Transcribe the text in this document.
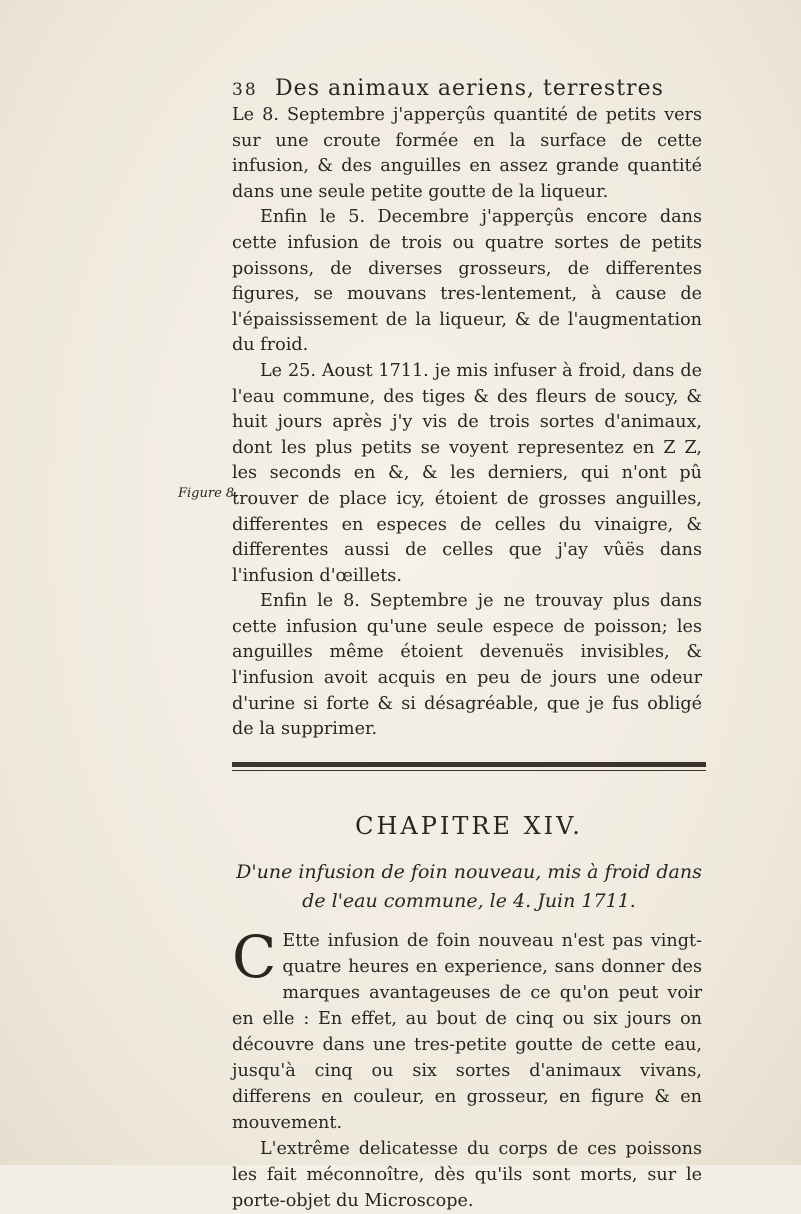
38 Des animaux aeriens, terrestres
Figure 8.

Le 8. Septembre j'apperçûs quantité de petits vers sur une croute formée en la surface de cette infusion, & des anguilles en assez grande quantité dans une seule petite goutte de la liqueur.

Enfin le 5. Decembre j'apperçûs encore dans cette infusion de trois ou quatre sortes de petits poissons, de diverses grosseurs, de differentes figures, se mouvans tres-lentement, à cause de l'épaississement de la liqueur, & de l'augmentation du froid.

Le 25. Aoust 1711. je mis infuser à froid, dans de l'eau commune, des tiges & des fleurs de soucy, & huit jours après j'y vis de trois sortes d'animaux, dont les plus petits se voyent representez en Z Z, les seconds en &, & les derniers, qui n'ont pû trouver de place icy, étoient de grosses anguilles, differentes en especes de celles du vinaigre, & differentes aussi de celles que j'ay vûës dans l'infusion d'œillets.

Enfin le 8. Septembre je ne trouvay plus dans cette infusion qu'une seule espece de poisson; les anguilles même étoient devenuës invisibles, & l'infusion avoit acquis en peu de jours une odeur d'urine si forte & si désagréable, que je fus obligé de la supprimer.

CHAPITRE XIV.
D'une infusion de foin nouveau, mis à froid dans de l'eau commune, le 4. Juin 1711.

C Ette infusion de foin nouveau n'est pas vingt-quatre heures en experience, sans donner des marques avantageuses de ce qu'on peut voir en elle : En effet, au bout de cinq ou six jours on découvre dans une tres-petite goutte de cette eau, jusqu'à cinq ou six sortes d'animaux vivans, differens en couleur, en grosseur, en figure & en mouvement.

L'extrême delicatesse du corps de ces poissons les fait méconnoître, dès qu'ils sont morts, sur le porte-objet du Microscope.
